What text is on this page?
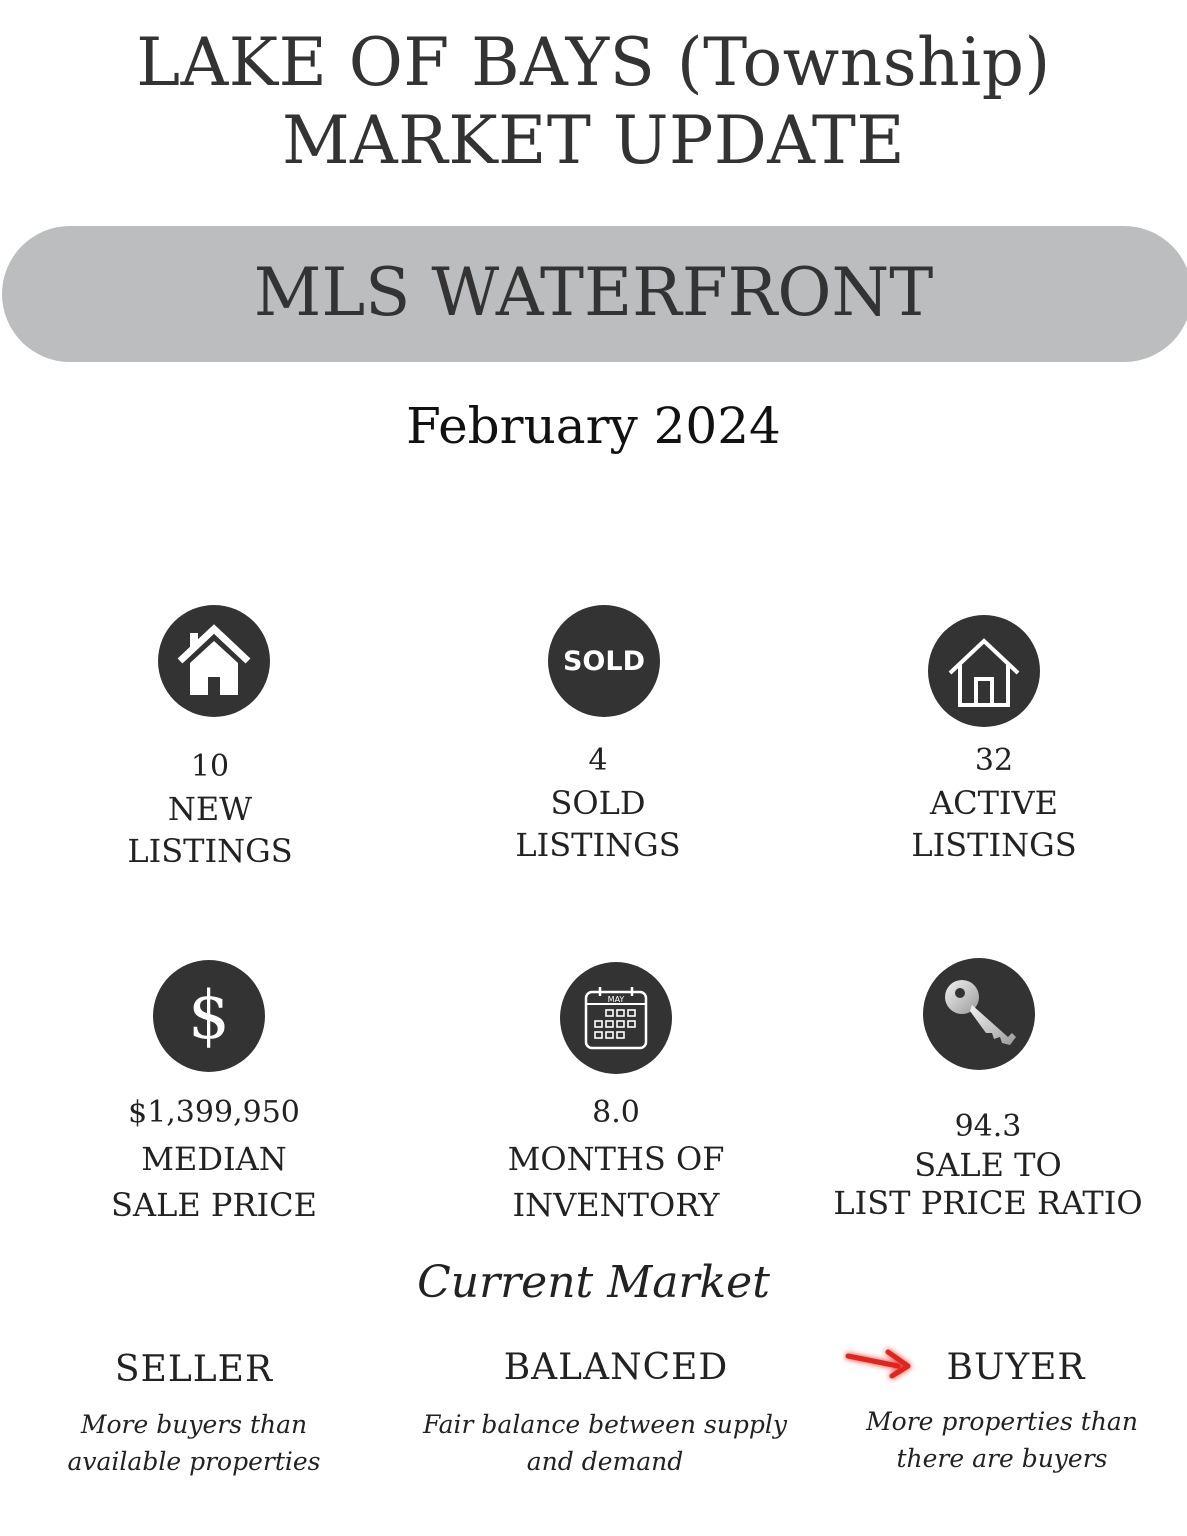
LAKE OF BAYS (Township)
MARKET UPDATE
MLS WATERFRONT
February 2024
SOLD
10
NEW
LISTINGS
4
SOLD
LISTINGS
32
ACTIVE
LISTINGS
$	MAY
$1,399,950
MEDIAN
SALE PRICE
8.0
MONTHS OF
INVENTORY
94.3
SALE TO
LIST PRICE RATIO
Current Market
SELLER	BALANCED	BUYER
More buyers than
available properties
Fair balance between supply
and demand
More properties than
there are buyers
